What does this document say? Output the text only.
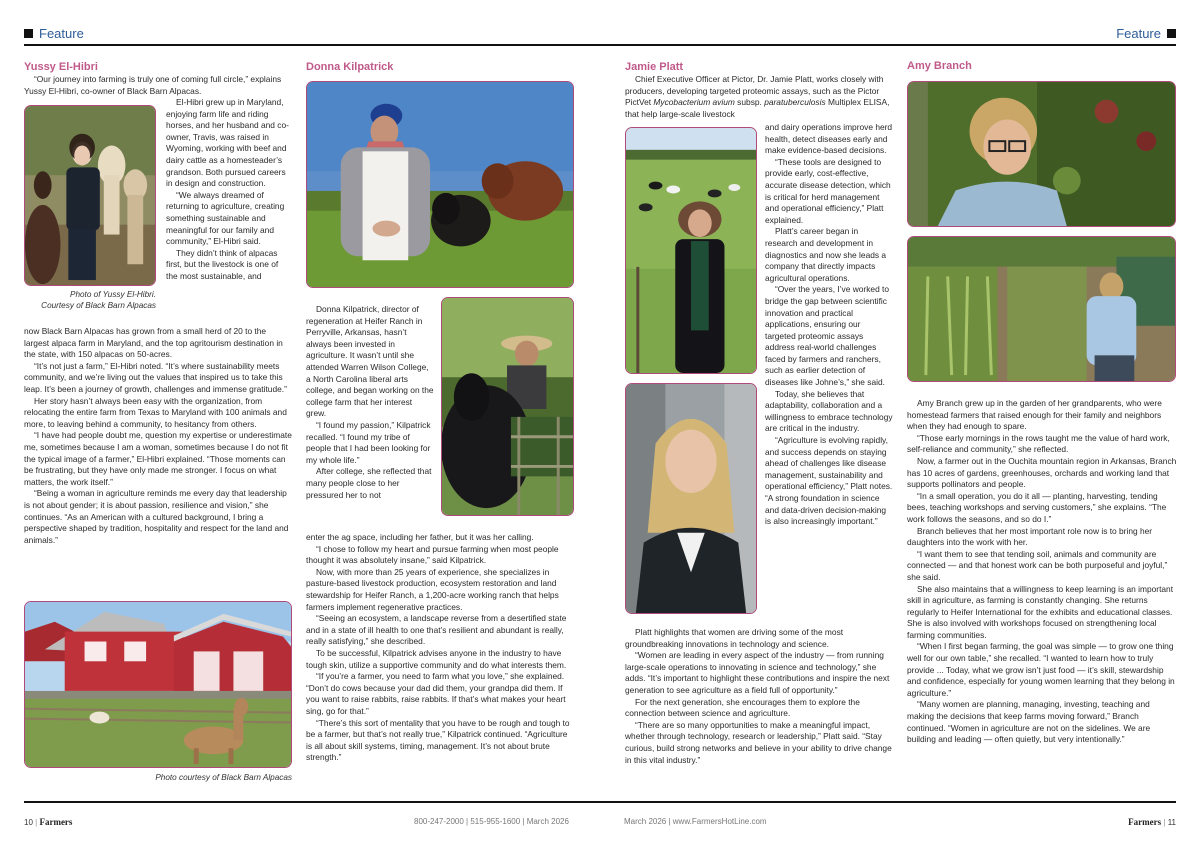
Feature	Feature
Yussy El-Hibri
“Our journey into farming is truly one of coming full circle,” explains Yussy El-Hibri, co-owner of Black Barn Alpacas.
Photo of Yussy El-Hibri.
Courtesy of Black Barn Alpacas
El-Hibri grew up in Maryland, enjoying farm life and riding horses, and her husband and co-owner, Travis, was raised in Wyoming, working with beef and dairy cattle as a homesteader’s grandson. Both pursued careers in design and construction.
“We always dreamed of returning to agriculture, creating something sustainable and meaningful for our family and community,” El-Hibri said.
They didn’t think of alpacas first, but the livestock is one of the most sustainable, and
now Black Barn Alpacas has grown from a small herd of 20 to the largest alpaca farm in Maryland, and the top agritourism destination in the state, with 150 alpacas on 50-acres.
“It’s not just a farm,” El-Hibri noted. “It’s where sustainability meets community, and we’re living out the values that inspired us to take this leap. It’s been a journey of growth, challenges and immense gratitude.”
Her story hasn’t always been easy with the organization, from relocating the entire farm from Texas to Maryland with 100 animals and more, to leaving behind a community, to hesitancy from others.
“I have had people doubt me, question my expertise or underestimate me, sometimes because I am a woman, sometimes because I do not fit the typical image of a farmer,” El-Hibri explained. “Those moments can be frustrating, but they have only made me stronger. I focus on what matters, the work itself.”
“Being a woman in agriculture reminds me every day that leadership is not about gender; it is about passion, resilience and vision,” she continues. “As an American with a cultured background, I bring a perspective shaped by tradition, hospitality and respect for the land and animals.”
Photo courtesy of Black Barn Alpacas
Donna Kilpatrick
Donna Kilpatrick, director of regeneration at Heifer Ranch in Perryville, Arkansas, hasn’t always been invested in agriculture. It wasn’t until she attended Warren Wilson College, a North Carolina liberal arts college, and began working on the college farm that her interest grew.
“I found my passion,” Kilpatrick recalled. “I found my tribe of people that I had been looking for my whole life.”
After college, she reflected that many people close to her pressured her to not
enter the ag space, including her father, but it was her calling.
“I chose to follow my heart and pursue farming when most people thought it was absolutely insane,” said Kilpatrick.
Now, with more than 25 years of experience, she specializes in pasture-based livestock production, ecosystem restoration and land stewardship for Heifer Ranch, a 1,200-acre working ranch that helps farmers implement regenerative practices.
“Seeing an ecosystem, a landscape reverse from a desertified state and in a state of ill health to one that’s resilient and abundant is really, really satisfying,” she described.
To be successful, Kilpatrick advises anyone in the industry to have tough skin, utilize a supportive community and do what interests them.
“If you’re a farmer, you need to farm what you love,” she explained. “Don’t do cows because your dad did them, your grandpa did them. If you want to raise rabbits, raise rabbits. If that’s what makes your heart sing, go for that.”
“There’s this sort of mentality that you have to be rough and tough to be a farmer, but that’s not really true,” Kilpatrick continued. “Agriculture is all about skill systems, timing, management. It’s not about brute strength.”
Jamie Platt
Chief Executive Officer at Pictor, Dr. Jamie Platt, works closely with producers, developing targeted proteomic assays, such as the Pictor PictVet Mycobacterium avium subsp. paratuberculosis Multiplex ELISA, that help large-scale livestock
and dairy operations improve herd health, detect diseases early and make evidence-based decisions.
“These tools are designed to provide early, cost-effective, accurate disease detection, which is critical for herd management and operational efficiency,” Platt explained.
Platt’s career began in research and development in diagnostics and now she leads a company that directly impacts agricultural operations.
“Over the years, I’ve worked to bridge the gap between scientific innovation and practical applications, ensuring our targeted proteomic assays address real-world challenges faced by farmers and ranchers, such as earlier detection of diseases like Johne’s,” she said.
Today, she believes that adaptability, collaboration and a willingness to embrace technology are critical in the industry.
“Agriculture is evolving rapidly, and success depends on staying ahead of challenges like disease management, sustainability and operational efficiency,” Platt notes. “A strong foundation in science and data-driven decision-making is also increasingly important.”
Platt highlights that women are driving some of the most groundbreaking innovations in technology and science.
“Women are leading in every aspect of the industry — from running large-scale operations to innovating in science and technology,” she adds. “It’s important to highlight these contributions and inspire the next generation to see agriculture as a field full of opportunity.”
For the next generation, she encourages them to explore the connection between science and agriculture.
“There are so many opportunities to make a meaningful impact, whether through technology, research or leadership,” Platt said. “Stay curious, build strong networks and believe in your ability to drive change in this vital industry.”
Amy Branch
Amy Branch grew up in the garden of her grandparents, who were homestead farmers that raised enough for their family and neighbors when they had enough to spare.
“Those early mornings in the rows taught me the value of hard work, self-reliance and community,” she reflected.
Now, a farmer out in the Ouchita mountain region in Arkansas, Branch has 10 acres of gardens, greenhouses, orchards and working land that supports pollinators and people.
“In a small operation, you do it all — planting, harvesting, tending bees, teaching workshops and serving customers,” she explains. “The work follows the seasons, and so do I.”
Branch believes that her most important role now is to bring her daughters into the work with her.
“I want them to see that tending soil, animals and community are connected — and that honest work can be both purposeful and joyful,” she said.
She also maintains that a willingness to keep learning is an important skill in agriculture, as farming is constantly changing. She returns regularly to Heifer International for the exhibits and educational classes. She is also involved with workshops focused on strengthening local farming communities.
“When I first began farming, the goal was simple — to grow one thing well for our own table,” she recalled. “I wanted to learn how to truly provide ... Today, what we grow isn’t just food — it’s skill, stewardship and confidence, especially for young women learning that they belong in agriculture.”
“Many women are planning, managing, investing, teaching and making the decisions that keep farms moving forward,” Branch continued. “Women in agriculture are not on the sidelines. We are building and leading — often quietly, but very intentionally.”
10 | Farmers	800-247-2000 | 515-955-1600 | March 2026	March 2026 | www.FarmersHotLine.com	Farmers | 11
